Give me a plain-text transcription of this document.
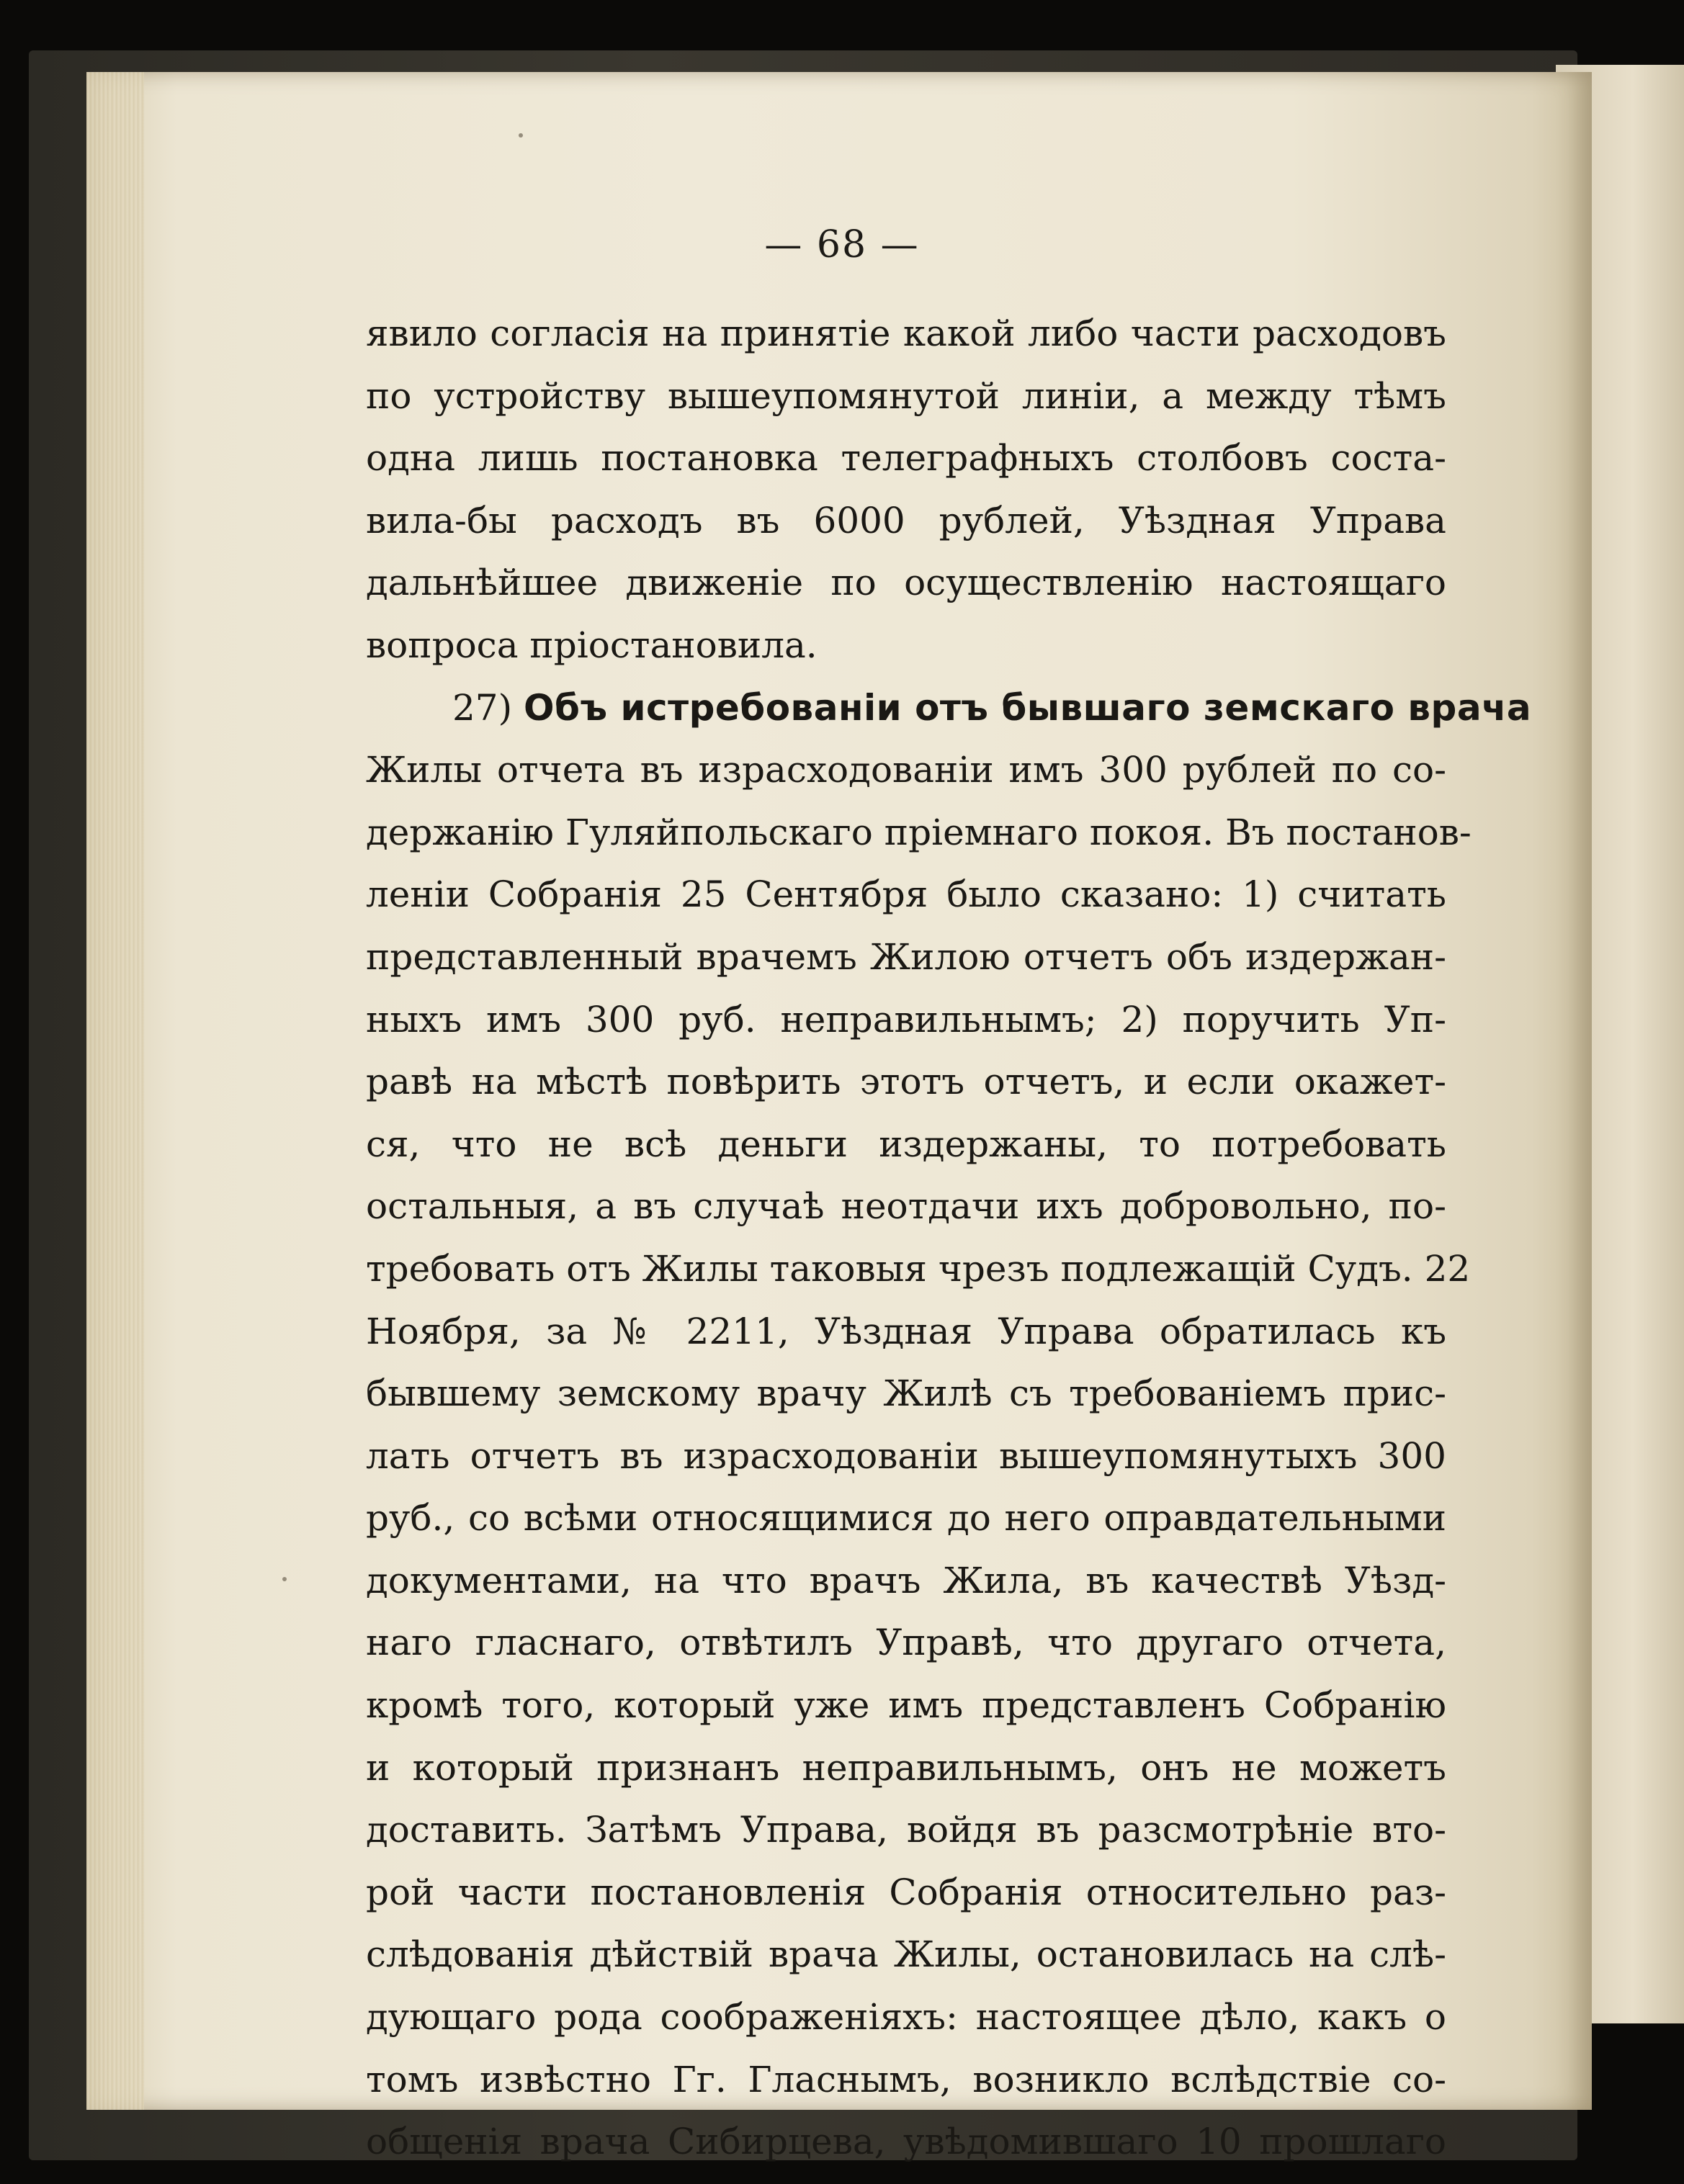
— 68 —
явило согласія на принятіе какой либо части расходовъ
по устройству вышеупомянутой линіи, а между тѣмъ
одна лишь постановка телеграфныхъ столбовъ соста-
вила-бы расходъ въ 6000 рублей, Уѣздная Управа
дальнѣйшее движеніе по осуществленію настоящаго
вопроса пріостановила.
27) Объ истребованіи отъ бывшаго земскаго врача
Жилы отчета въ израсходованіи имъ 300 рублей по со-
держанію Гуляйпольскаго пріемнаго покоя. Въ постанов-
леніи Собранія 25 Сентября было сказано: 1) считать
представленный врачемъ Жилою отчетъ объ издержан-
ныхъ имъ 300 руб. неправильнымъ; 2) поручить Уп-
равѣ на мѣстѣ повѣрить этотъ отчетъ, и если окажет-
ся, что не всѣ деньги издержаны, то потребовать
остальныя, а въ случаѣ неотдачи ихъ добровольно, по-
требовать отъ Жилы таковыя чрезъ подлежащій Судъ. 22
Ноября, за № 2211, Уѣздная Управа обратилась къ
бывшему земскому врачу Жилѣ съ требованіемъ прис-
лать отчетъ въ израсходованіи вышеупомянутыхъ 300
руб., со всѣми относящимися до него оправдательными
документами, на что врачъ Жила, въ качествѣ Уѣзд-
наго гласнаго, отвѣтилъ Управѣ, что другаго отчета,
кромѣ того, который уже имъ представленъ Собранію
и который признанъ неправильнымъ, онъ не можетъ
доставить. Затѣмъ Управа, войдя въ разсмотрѣніе вто-
рой части постановленія Собранія относительно раз-
слѣдованія дѣйствій врача Жилы, остановилась на слѣ-
дующаго рода соображеніяхъ: настоящее дѣло, какъ о
томъ извѣстно Гг. Гласнымъ, возникло вслѣдствіе со-
общенія врача Сибирцева, увѣдомившаго 10 прошлаго
